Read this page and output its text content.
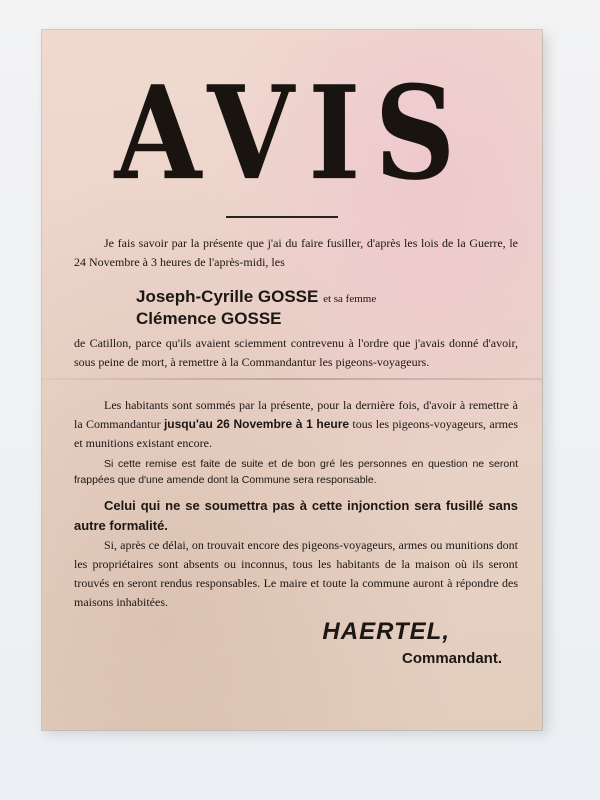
AVIS
Je fais savoir par la présente que j'ai du faire fusiller, d'après les lois de la Guerre, le 24 Novembre à 3 heures de l'après-midi, les
Joseph-Cyrille GOSSE et sa femme
Clémence GOSSE
de Catillon, parce qu'ils avaient sciemment contrevenu à l'ordre que j'avais donné d'avoir, sous peine de mort, à remettre à la Commandantur les pigeons-voyageurs.
Les habitants sont sommés par la présente, pour la dernière fois, d'avoir à remettre à la Commandantur jusqu'au 26 Novembre à 1 heure tous les pigeons-voyageurs, armes et munitions existant encore.
Si cette remise est faite de suite et de bon gré les personnes en question ne seront frappées que d'une amende dont la Commune sera responsable.
Celui qui ne se soumettra pas à cette injonction sera fusillé sans autre formalité.
Si, après ce délai, on trouvait encore des pigeons-voyageurs, armes ou munitions dont les propriétaires sont absents ou inconnus, tous les habitants de la maison où ils seront trouvés en seront rendus responsables. Le maire et toute la commune auront à répondre des maisons inhabitées.
HAERTEL,
Commandant.
